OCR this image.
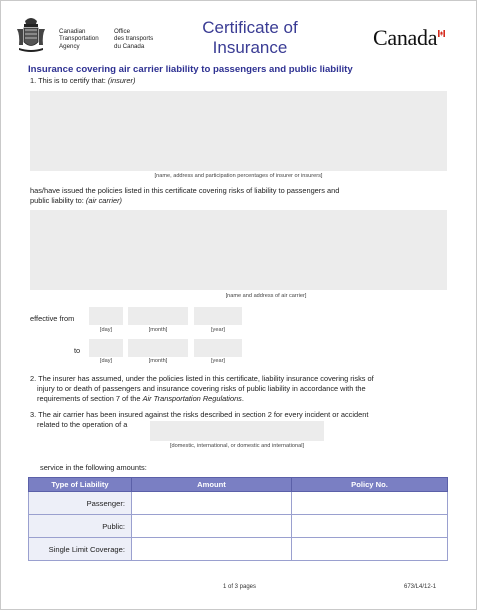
Canadian
Transportation
Agency
Office
des transports
du Canada
Certificate of
Insurance	Canada
Insurance covering air carrier liability to passengers and public liability
1. This is to certify that: (insurer)
[name, address and participation percentages of insurer or insurers]
has/have issued the policies listed in this certificate covering risks of liability to passengers and
public liability to: (air carrier)
[name and address of air carrier]
effective from
[day]	[month]	[year]
to
[day]	[month]	[year]
2. The insurer has assumed, under the policies listed in this certificate, liability insurance covering risks of
injury to or death of passengers and insurance covering risks of public liability in accordance with the
requirements of section 7 of the Air Transportation Regulations.
3. The air carrier has been insured against the risks described in section 2 for every incident or accident
related to the operation of a
[domestic, international, or domestic and international]
service in the following amounts:
Type of Liability	Amount	Policy No.
Passenger:		
Public:		
Single Limit Coverage:		
1 of 3 pages	673/L4/12-1
